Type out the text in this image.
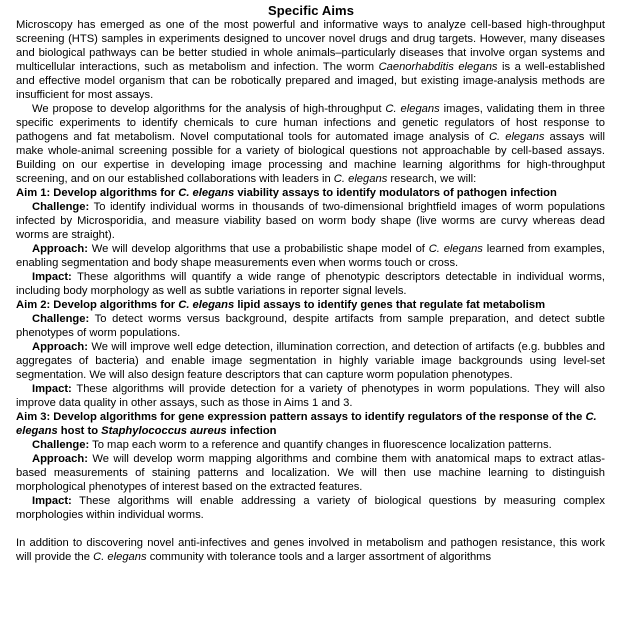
Specific Aims

Microscopy has emerged as one of the most powerful and informative ways to analyze cell-based high-throughput screening (HTS) samples in experiments designed to uncover novel drugs and drug targets. However, many diseases and biological pathways can be better studied in whole animals–particularly diseases that involve organ systems and multicellular interactions, such as metabolism and infection. The worm Caenorhabditis elegans is a well-established and effective model organism that can be robotically prepared and imaged, but existing image-analysis methods are insufficient for most assays.

We propose to develop algorithms for the analysis of high-throughput C. elegans images, validating them in three specific experiments to identify chemicals to cure human infections and genetic regulators of host response to pathogens and fat metabolism. Novel computational tools for automated image analysis of C. elegans assays will make whole-animal screening possible for a variety of biological questions not approachable by cell-based assays. Building on our expertise in developing image processing and machine learning algorithms for high-throughput screening, and on our established collaborations with leaders in C. elegans research, we will:

Aim 1: Develop algorithms for C. elegans viability assays to identify modulators of pathogen infection

Challenge: To identify individual worms in thousands of two-dimensional brightfield images of worm populations infected by Microsporidia, and measure viability based on worm body shape (live worms are curvy whereas dead worms are straight).

Approach: We will develop algorithms that use a probabilistic shape model of C. elegans learned from examples, enabling segmentation and body shape measurements even when worms touch or cross.

Impact: These algorithms will quantify a wide range of phenotypic descriptors detectable in individual worms, including body morphology as well as subtle variations in reporter signal levels.

Aim 2: Develop algorithms for C. elegans lipid assays to identify genes that regulate fat metabolism

Challenge: To detect worms versus background, despite artifacts from sample preparation, and detect subtle phenotypes of worm populations.

Approach: We will improve well edge detection, illumination correction, and detection of artifacts (e.g. bubbles and aggregates of bacteria) and enable image segmentation in highly variable image backgrounds using level-set segmentation. We will also design feature descriptors that can capture worm population phenotypes.

Impact: These algorithms will provide detection for a variety of phenotypes in worm populations. They will also improve data quality in other assays, such as those in Aims 1 and 3.

Aim 3: Develop algorithms for gene expression pattern assays to identify regulators of the response of the C. elegans host to Staphylococcus aureus infection

Challenge: To map each worm to a reference and quantify changes in fluorescence localization patterns.

Approach: We will develop worm mapping algorithms and combine them with anatomical maps to extract atlas-based measurements of staining patterns and localization. We will then use machine learning to distinguish morphological phenotypes of interest based on the extracted features.

Impact: These algorithms will enable addressing a variety of biological questions by measuring complex morphologies within individual worms.

In addition to discovering novel anti-infectives and genes involved in metabolism and pathogen resistance, this work will provide the C. elegans community with tolerance tools and a larger assortment of algorithms
